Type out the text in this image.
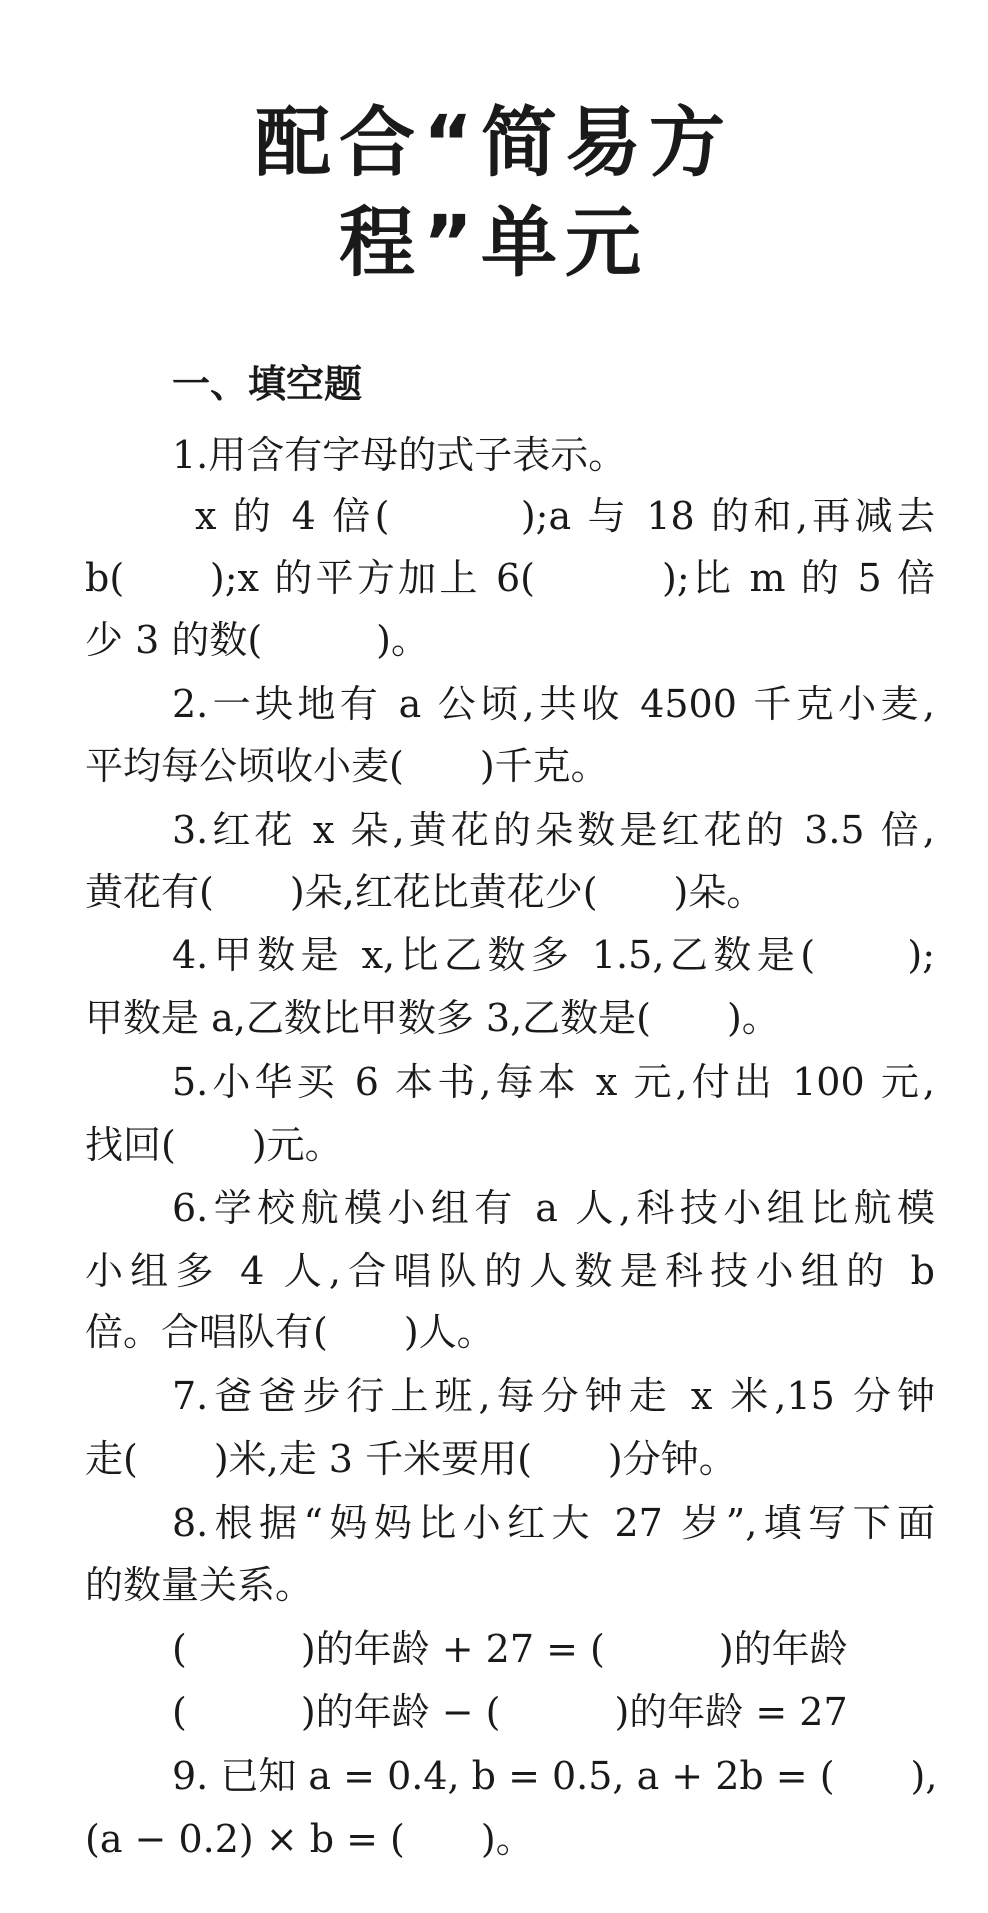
配合“简易方
程”单元
一、填空题
1.用含有字母的式子表示。
x 的 4 倍(　　　);a 与 18 的和,再减去
b(　　);x 的平方加上 6(　　　);比 m 的 5 倍
少 3 的数(　　　)。
2.一块地有 a 公顷,共收 4500 千克小麦,
平均每公顷收小麦(　　)千克。
3.红花 x 朵,黄花的朵数是红花的 3.5 倍,
黄花有(　　)朵,红花比黄花少(　　)朵。
4.甲数是 x,比乙数多 1.5,乙数是(　　);
甲数是 a,乙数比甲数多 3,乙数是(　　)。
5.小华买 6 本书,每本 x 元,付出 100 元,
找回(　　)元。
6.学校航模小组有 a 人,科技小组比航模
小组多 4 人,合唱队的人数是科技小组的 b
倍。合唱队有(　　)人。
7.爸爸步行上班,每分钟走 x 米,15 分钟
走(　　)米,走 3 千米要用(　　)分钟。
8.根据“妈妈比小红大 27 岁”,填写下面
的数量关系。
(　　　)的年龄 + 27 = (　　　)的年龄
(　　　)的年龄 − (　　　)的年龄 = 27
9. 已知 a = 0.4, b = 0.5, a + 2b = (　　),
(a − 0.2) × b = (　　)。
